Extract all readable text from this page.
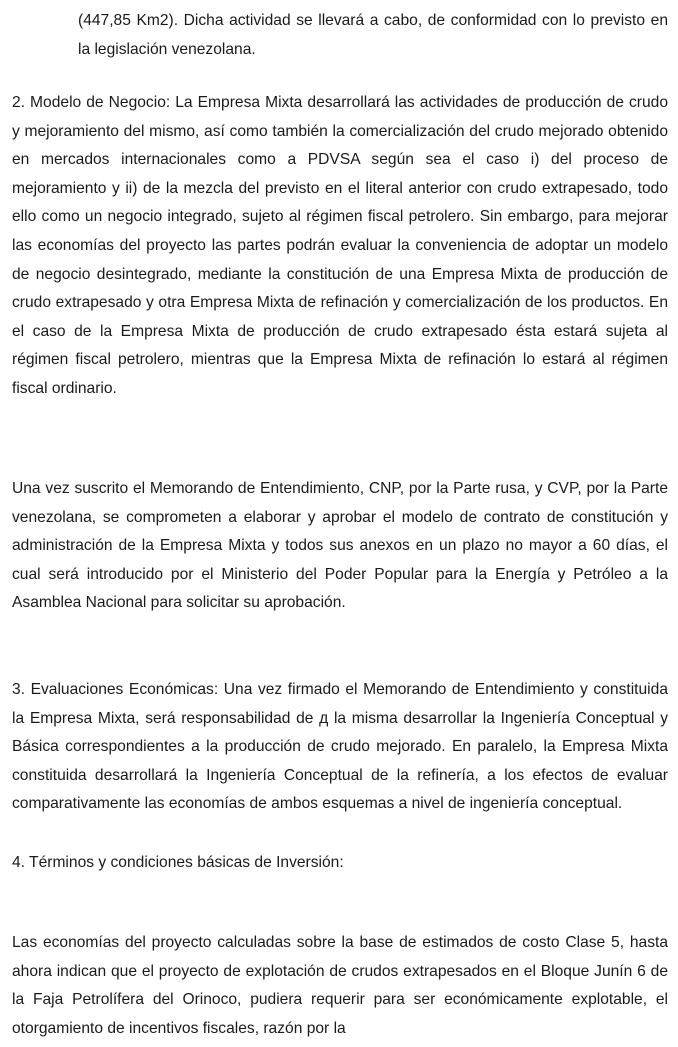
(447,85 Km2). Dicha actividad se llevará a cabo, de conformidad con lo previsto en la legislación venezolana.

2. Modelo de Negocio: La Empresa Mixta desarrollará las actividades de producción de crudo y mejoramiento del mismo, así como también la comercialización del crudo mejorado obtenido en mercados internacionales como a PDVSA según sea el caso i) del proceso de mejoramiento y ii) de la mezcla del previsto en el literal anterior con crudo extrapesado, todo ello como un negocio integrado, sujeto al régimen fiscal petrolero. Sin embargo, para mejorar las economías del proyecto las partes podrán evaluar la conveniencia de adoptar un modelo de negocio desintegrado, mediante la constitución de una Empresa Mixta de producción de crudo extrapesado y otra Empresa Mixta de refinación y comercialización de los productos. En el caso de la Empresa Mixta de producción de crudo extrapesado ésta estará sujeta al régimen fiscal petrolero, mientras que la Empresa Mixta de refinación lo estará al régimen fiscal ordinario.

Una vez suscrito el Memorando de Entendimiento, CNP, por la Parte rusa, y CVP, por la Parte venezolana, se comprometen a elaborar y aprobar el modelo de contrato de constitución y administración de la Empresa Mixta y todos sus anexos en un plazo no mayor a 60 días, el cual será introducido por el Ministerio del Poder Popular para la Energía y Petróleo a la Asamblea Nacional para solicitar su aprobación.

3. Evaluaciones Económicas: Una vez firmado el Memorando de Entendimiento y constituida la Empresa Mixta, será responsabilidad de д la misma desarrollar la Ingeniería Conceptual y Básica correspondientes a la producción de crudo mejorado. En paralelo, la Empresa Mixta constituida desarrollará la Ingeniería Conceptual de la refinería, a los efectos de evaluar comparativamente las economías de ambos esquemas a nivel de ingeniería conceptual.

4. Términos y condiciones básicas de Inversión:

Las economías del proyecto calculadas sobre la base de estimados de costo Clase 5, hasta ahora indican que el proyecto de explotación de crudos extrapesados en el Bloque Junín 6 de la Faja Petrolífera del Orinoco, pudiera requerir para ser económicamente explotable, el otorgamiento de incentivos fiscales, razón por la
